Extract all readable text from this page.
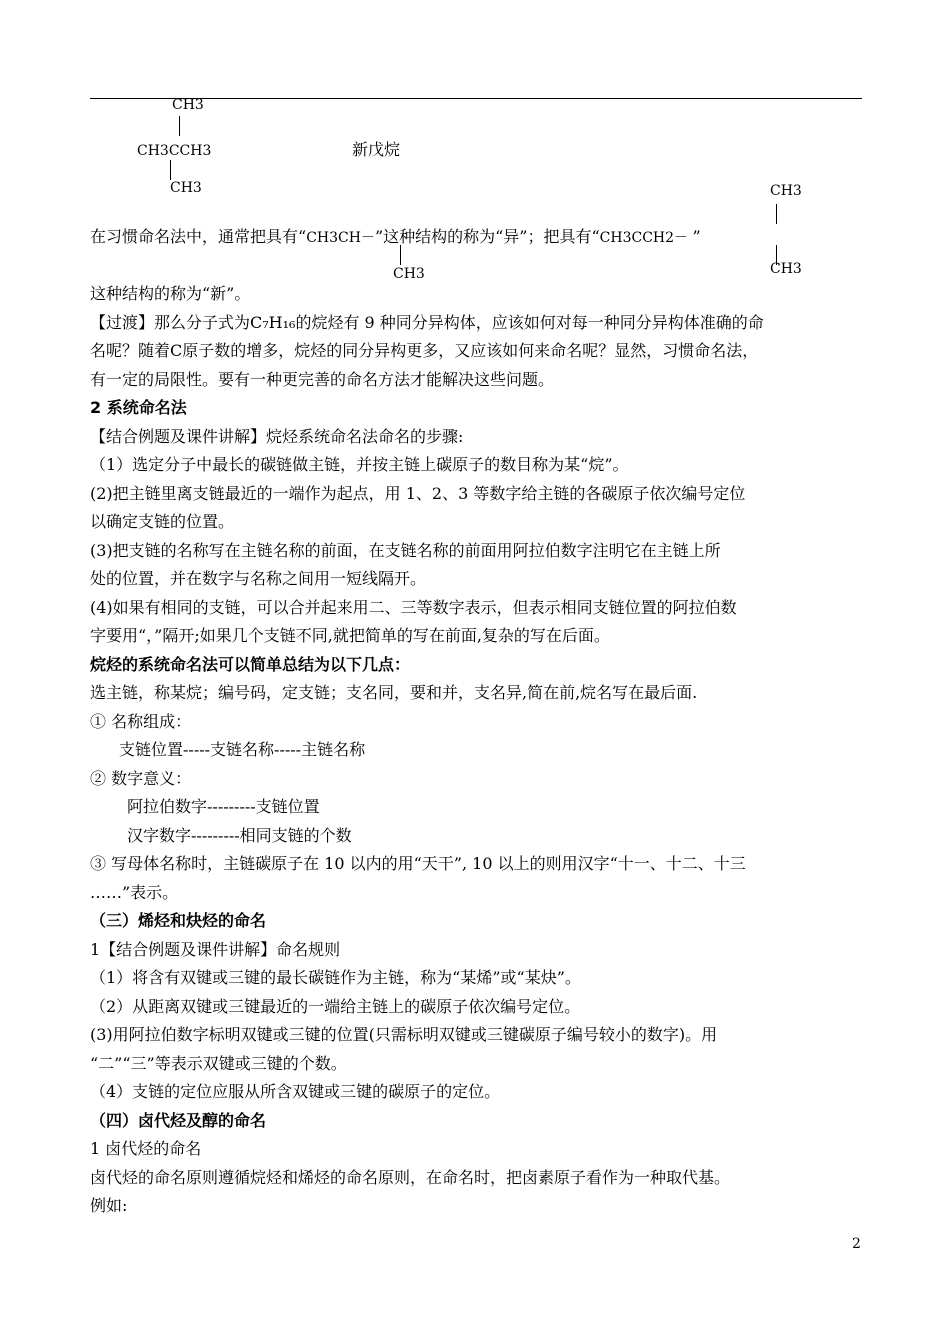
CH3
CH3CCH3
CH3
新戊烷
CH3
在习惯命名法中，通常把具有“CH3CH－”这种结构的称为“异”；把具有“CH3CCH2－ ”
CH3	CH3
这种结构的称为“新”。
【过渡】那么分子式为C₇H₁₆的烷烃有 9 种同分异构体，应该如何对每一种同分异构体准确的命
名呢？随着C原子数的增多，烷烃的同分异构更多，又应该如何来命名呢？显然，习惯命名法，
有一定的局限性。要有一种更完善的命名方法才能解决这些问题。
2 系统命名法
【结合例题及课件讲解】烷烃系统命名法命名的步骤:
（1）选定分子中最长的碳链做主链，并按主链上碳原子的数目称为某“烷”。
(2)把主链里离支链最近的一端作为起点，用 1、2、3 等数字给主链的各碳原子依次编号定位
以确定支链的位置。
(3)把支链的名称写在主链名称的前面，在支链名称的前面用阿拉伯数字注明它在主链上所
处的位置，并在数字与名称之间用一短线隔开。
(4)如果有相同的支链，可以合并起来用二、三等数字表示，但表示相同支链位置的阿拉伯数
字要用“，”隔开;如果几个支链不同,就把简单的写在前面,复杂的写在后面。
烷烃的系统命名法可以简单总结为以下几点：
选主链，称某烷；编号码，定支链；支名同，要和并，支名异,简在前,烷名写在最后面.
① 名称组成：
支链位置-----支链名称-----主链名称
② 数字意义：
阿拉伯数字---------支链位置
汉字数字---------相同支链的个数
③ 写母体名称时，主链碳原子在 10 以内的用“天干”, 10 以上的则用汉字“十一、十二、十三
……”表示。
（三）烯烃和炔烃的命名
1【结合例题及课件讲解】命名规则
（1）将含有双键或三键的最长碳链作为主链，称为“某烯”或“某炔”。
（2）从距离双键或三键最近的一端给主链上的碳原子依次编号定位。
(3)用阿拉伯数字标明双键或三键的位置(只需标明双键或三键碳原子编号较小的数字)。用
“二”“三”等表示双键或三键的个数。
（4）支链的定位应服从所含双键或三键的碳原子的定位。
（四）卤代烃及醇的命名
1 卤代烃的命名
卤代烃的命名原则遵循烷烃和烯烃的命名原则，在命名时，把卤素原子看作为一种取代基。
例如:
2
